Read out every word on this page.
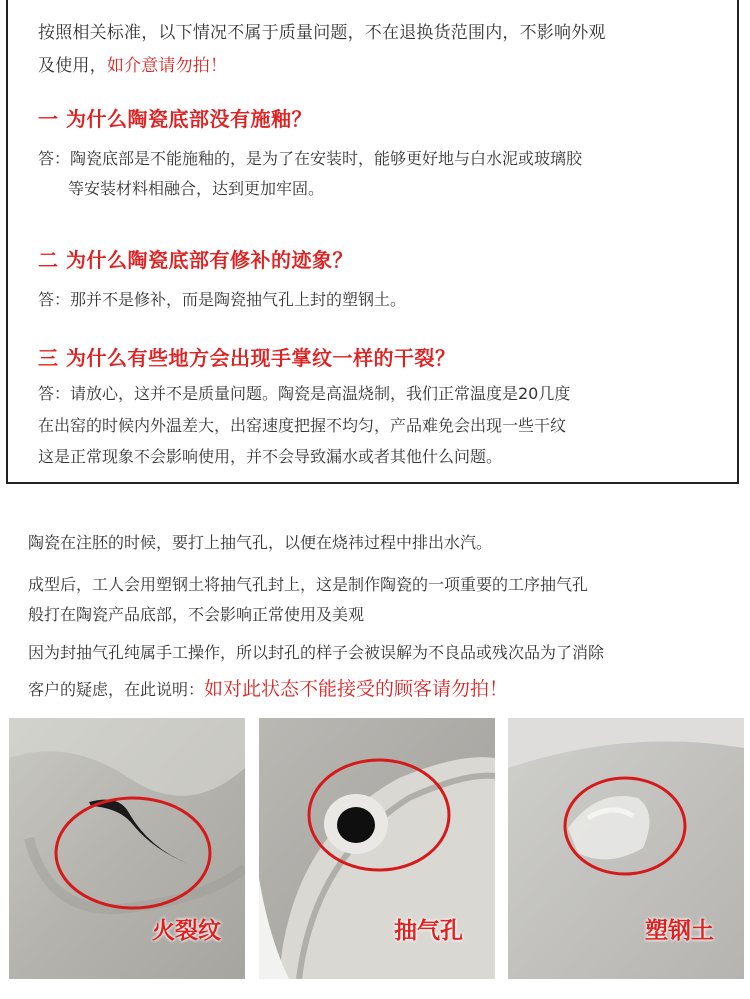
按照相关标准，以下情况不属于质量问题，不在退换货范围内，不影响外观
及使用，如介意请勿拍！
一 为什么陶瓷底部没有施釉？
答：陶瓷底部是不能施釉的，是为了在安装时，能够更好地与白水泥或玻璃胶
等安装材料相融合，达到更加牢固。
二 为什么陶瓷底部有修补的迹象？
答：那并不是修补，而是陶瓷抽气孔上封的塑钢土。
三 为什么有些地方会出现手掌纹一样的干裂？
答：请放心，这并不是质量问题。陶瓷是高温烧制，我们正常温度是20几度
在出窑的时候内外温差大，出窑速度把握不均匀，产品难免会出现一些干纹
这是正常现象不会影响使用，并不会导致漏水或者其他什么问题。
陶瓷在注胚的时候，要打上抽气孔，以便在烧祎过程中排出水汽。
成型后，工人会用塑钢土将抽气孔封上，这是制作陶瓷的一项重要的工序抽气孔
般打在陶瓷产品底部，不会影响正常使用及美观
因为封抽气孔纯属手工操作，所以封孔的样子会被误解为不良品或残次品为了消除
客户的疑虑，在此说明：如对此状态不能接受的顾客请勿拍！
火裂纹	抽气孔	塑钢土
